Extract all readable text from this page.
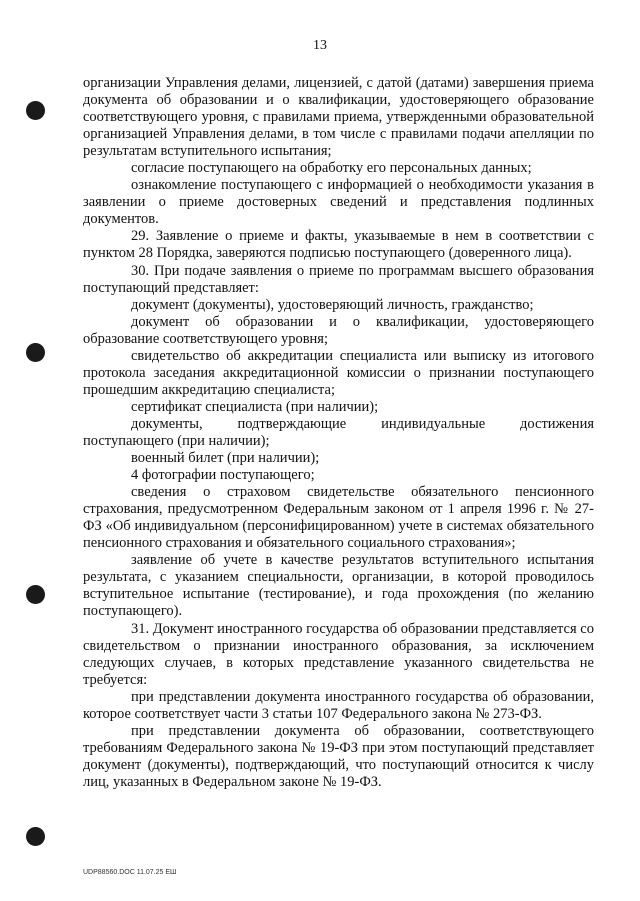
13

организации Управления делами, лицензией, с датой (датами) завершения приема документа об образовании и о квалификации, удостоверяющего образование соответствующего уровня, с правилами приема, утвержденными образовательной организацией Управления делами, в том числе с правилами подачи апелляции по результатам вступительного испытания;

согласие поступающего на обработку его персональных данных;

ознакомление поступающего с информацией о необходимости указания в заявлении о приеме достоверных сведений и представления подлинных документов.

29. Заявление о приеме и факты, указываемые в нем в соответствии с пунктом 28 Порядка, заверяются подписью поступающего (доверенного лица).

30. При подаче заявления о приеме по программам высшего образования поступающий представляет:

документ (документы), удостоверяющий личность, гражданство;

документ об образовании и о квалификации, удостоверяющего образование соответствующего уровня;

свидетельство об аккредитации специалиста или выписку из итогового протокола заседания аккредитационной комиссии о признании поступающего прошедшим аккредитацию специалиста;

сертификат специалиста (при наличии);

документы, подтверждающие индивидуальные достижения поступающего (при наличии);

военный билет (при наличии);

4 фотографии поступающего;

сведения о страховом свидетельстве обязательного пенсионного страхования, предусмотренном Федеральным законом от 1 апреля 1996 г. № 27-ФЗ «Об индивидуальном (персонифицированном) учете в системах обязательного пенсионного страхования и обязательного социального страхования»;

заявление об учете в качестве результатов вступительного испытания результата, с указанием специальности, организации, в которой проводилось вступительное испытание (тестирование), и года прохождения (по желанию поступающего).

31. Документ иностранного государства об образовании представляется со свидетельством о признании иностранного образования, за исключением следующих случаев, в которых представление указанного свидетельства не требуется:

при представлении документа иностранного государства об образовании, которое соответствует части 3 статьи 107 Федерального закона № 273-ФЗ.

при представлении документа об образовании, соответствующего требованиям Федерального закона № 19-ФЗ при этом поступающий представляет документ (документы), подтверждающий, что поступающий относится к числу лиц, указанных в Федеральном законе № 19-ФЗ.

UDP88560.DOC 11.07.25 ЕШ
